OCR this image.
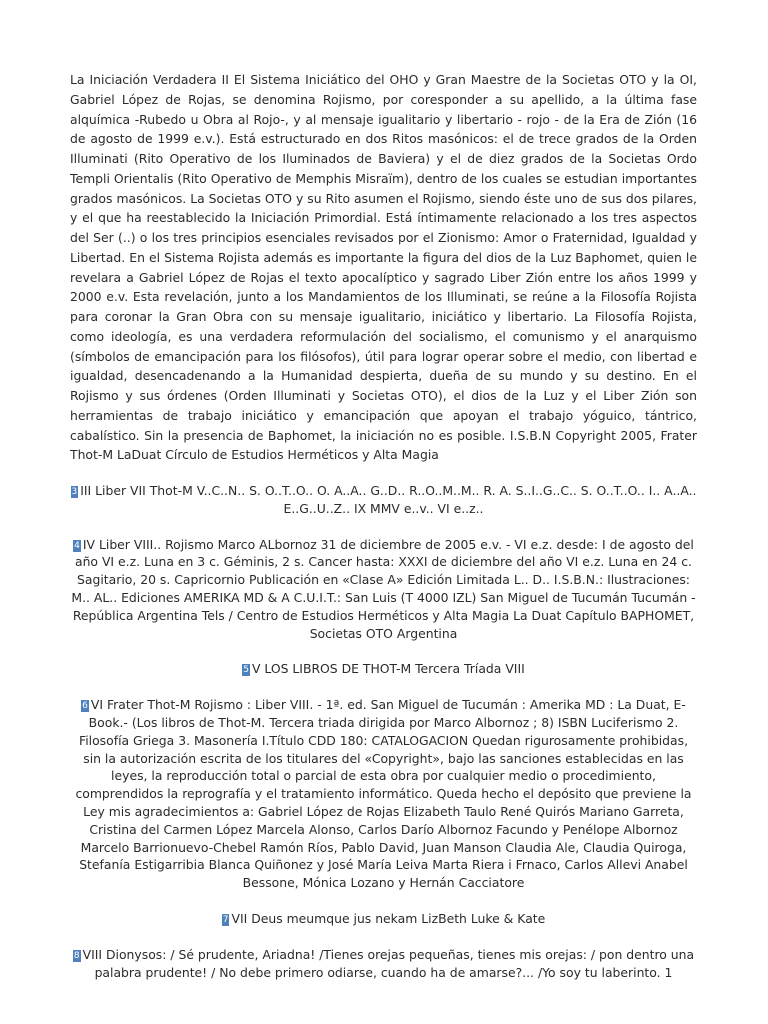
La Iniciación Verdadera II El Sistema Iniciático del OHO y Gran Maestre de la Societas OTO y la OI, Gabriel López de Rojas, se denomina Rojismo, por coresponder a su apellido, a la última fase alquímica -Rubedo u Obra al Rojo-, y al mensaje igualitario y libertario - rojo - de la Era de Zión (16 de agosto de 1999 e.v.). Está estructurado en dos Ritos masónicos: el de trece grados de la Orden Illuminati (Rito Operativo de los Iluminados de Baviera) y el de diez grados de la Societas Ordo Templi Orientalis (Rito Operativo de Memphis Misraïm), dentro de los cuales se estudian importantes grados masónicos. La Societas OTO y su Rito asumen el Rojismo, siendo éste uno de sus dos pilares, y el que ha reestablecido la Iniciación Primordial. Está íntimamente relacionado a los tres aspectos del Ser (..) o los tres principios esenciales revisados por el Zionismo: Amor o Fraternidad, Igualdad y Libertad. En el Sistema Rojista además es importante la figura del dios de la Luz Baphomet, quien le revelara a Gabriel López de Rojas el texto apocalíptico y sagrado Liber Zión entre los años 1999 y 2000 e.v. Esta revelación, junto a los Mandamientos de los Illuminati, se reúne a la Filosofía Rojista para coronar la Gran Obra con su mensaje igualitario, iniciático y libertario. La Filosofía Rojista, como ideología, es una verdadera reformulación del socialismo, el comunismo y el anarquismo (símbolos de emancipación para los filósofos), útil para lograr operar sobre el medio, con libertad e igualdad, desencadenando a la Humanidad despierta, dueña de su mundo y su destino. En el Rojismo y sus órdenes (Orden Illuminati y Societas OTO), el dios de la Luz y el Liber Zión son herramientas de trabajo iniciático y emancipación que apoyan el trabajo yóguico, tántrico, cabalístico. Sin la presencia de Baphomet, la iniciación no es posible. I.S.B.N Copyright 2005, Frater Thot-M LaDuat Círculo de Estudios Herméticos y Alta Magia

3 III Liber VII Thot-M V..C..N.. S. O..T..O.. O. A..A.. G..D.. R..O..M..M.. R. A. S..I..G..C.. S. O..T..O.. I.. A..A.. E..G..U..Z.. IX MMV e..v.. VI e..z..

4 IV Liber VIII.. Rojismo Marco ALbornoz 31 de diciembre de 2005 e.v. - VI e.z. desde: I de agosto del año VI e.z. Luna en 3 c. Géminis, 2 s. Cancer hasta: XXXI de diciembre del año VI e.z. Luna en 24 c. Sagitario, 20 s. Capricornio Publicación en «Clase A» Edición Limitada L.. D.. I.S.B.N.: Ilustraciones: M.. AL.. Ediciones AMERIKA MD & A C.U.I.T.: San Luis (T 4000 IZL) San Miguel de Tucumán Tucumán - República Argentina Tels / Centro de Estudios Herméticos y Alta Magia La Duat Capítulo BAPHOMET, Societas OTO Argentina

5 V LOS LIBROS DE THOT-M Tercera Tríada VIII

6 VI Frater Thot-M Rojismo : Liber VIII. - 1ª. ed. San Miguel de Tucumán : Amerika MD : La Duat, E-Book.- (Los libros de Thot-M. Tercera triada dirigida por Marco Albornoz ; 8) ISBN Luciferismo 2. Filosofía Griega 3. Masonería I.Título CDD 180: CATALOGACION Quedan rigurosamente prohibidas, sin la autorización escrita de los titulares del «Copyright», bajo las sanciones establecidas en las leyes, la reproducción total o parcial de esta obra por cualquier medio o procedimiento, comprendidos la reprografía y el tratamiento informático. Queda hecho el depósito que previene la Ley mis agradecimientos a: Gabriel López de Rojas Elizabeth Taulo René Quirós Mariano Garreta, Cristina del Carmen López Marcela Alonso, Carlos Darío Albornoz Facundo y Penélope Albornoz Marcelo Barrionuevo-Chebel Ramón Ríos, Pablo David, Juan Manson Claudia Ale, Claudia Quiroga, Stefanía Estigarribia Blanca Quiñonez y José María Leiva Marta Riera i Frnaco, Carlos Allevi Anabel Bessone, Mónica Lozano y Hernán Cacciatore

7 VII Deus meumque jus nekam LizBeth Luke & Kate

8 VIII Dionysos: / Sé prudente, Ariadna! /Tienes orejas pequeñas, tienes mis orejas: / pon dentro una palabra prudente! / No debe primero odiarse, cuando ha de amarse?... /Yo soy tu laberinto. 1
